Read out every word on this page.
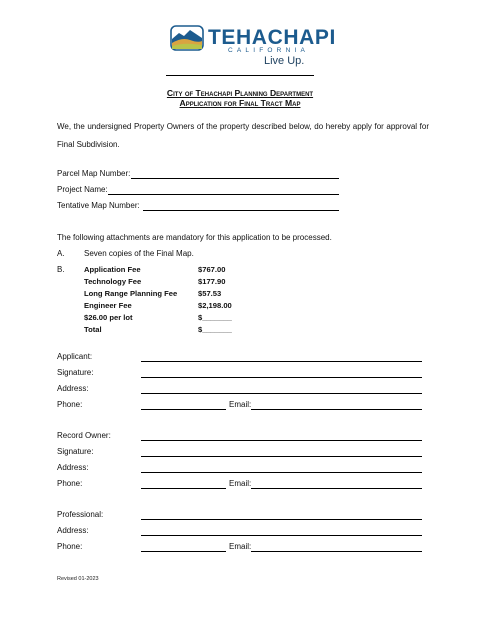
TEHACHAPI
CALIFORNIA
Live Up.
City of Tehachapi Planning Department
Application for Final Tract Map
We, the undersigned Property Owners of the property described below, do hereby apply for approval for Final Subdivision.
Parcel Map Number:
Project Name:
Tentative Map Number:
The following attachments are mandatory for this application to be processed.
A. Seven copies of the Final Map.
B.	Application Fee	$767.00
Technology Fee	$177.90
Long Range Planning Fee	$57.53
Engineer Fee	$2,198.00
$26.00 per lot	$_______
Total	$_______
Applicant:
Signature:
Address:
Phone:	Email:
Record Owner:
Signature:
Address:
Phone:	Email:
Professional:
Address:
Phone:	Email:
Revised 01-2023
